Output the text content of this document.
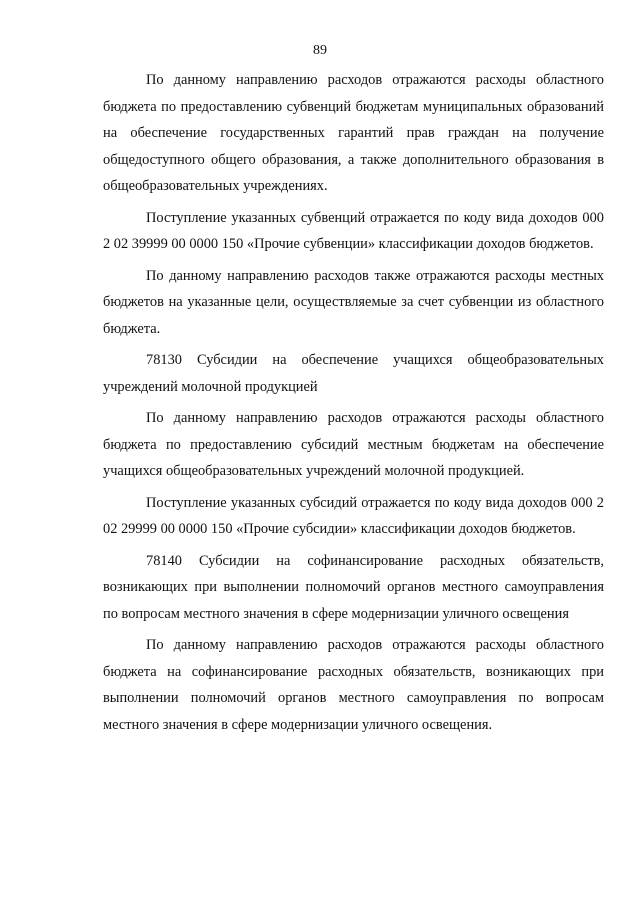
89

По данному направлению расходов отражаются расходы областного бюджета по предоставлению субвенций бюджетам муниципальных образований на обеспечение государственных гарантий прав граждан на получение общедоступного общего образования, а также дополнительного образования в общеобразовательных учреждениях.

Поступление указанных субвенций отражается по коду вида доходов 000 2 02 39999 00 0000 150 «Прочие субвенции» классификации доходов бюджетов.

По данному направлению расходов также отражаются расходы местных бюджетов на указанные цели, осуществляемые за счет субвенции из областного бюджета.

78130 Субсидии на обеспечение учащихся общеобразовательных учреждений молочной продукцией

По данному направлению расходов отражаются расходы областного бюджета по предоставлению субсидий местным бюджетам на обеспечение учащихся общеобразовательных учреждений молочной продукцией.

Поступление указанных субсидий отражается по коду вида доходов 000 2 02 29999 00 0000 150 «Прочие субсидии» классификации доходов бюджетов.

78140 Субсидии на софинансирование расходных обязательств, возникающих при выполнении полномочий органов местного самоуправления по вопросам местного значения в сфере модернизации уличного освещения

По данному направлению расходов отражаются расходы областного бюджета на софинансирование расходных обязательств, возникающих при выполнении полномочий органов местного самоуправления по вопросам местного значения в сфере модернизации уличного освещения.
